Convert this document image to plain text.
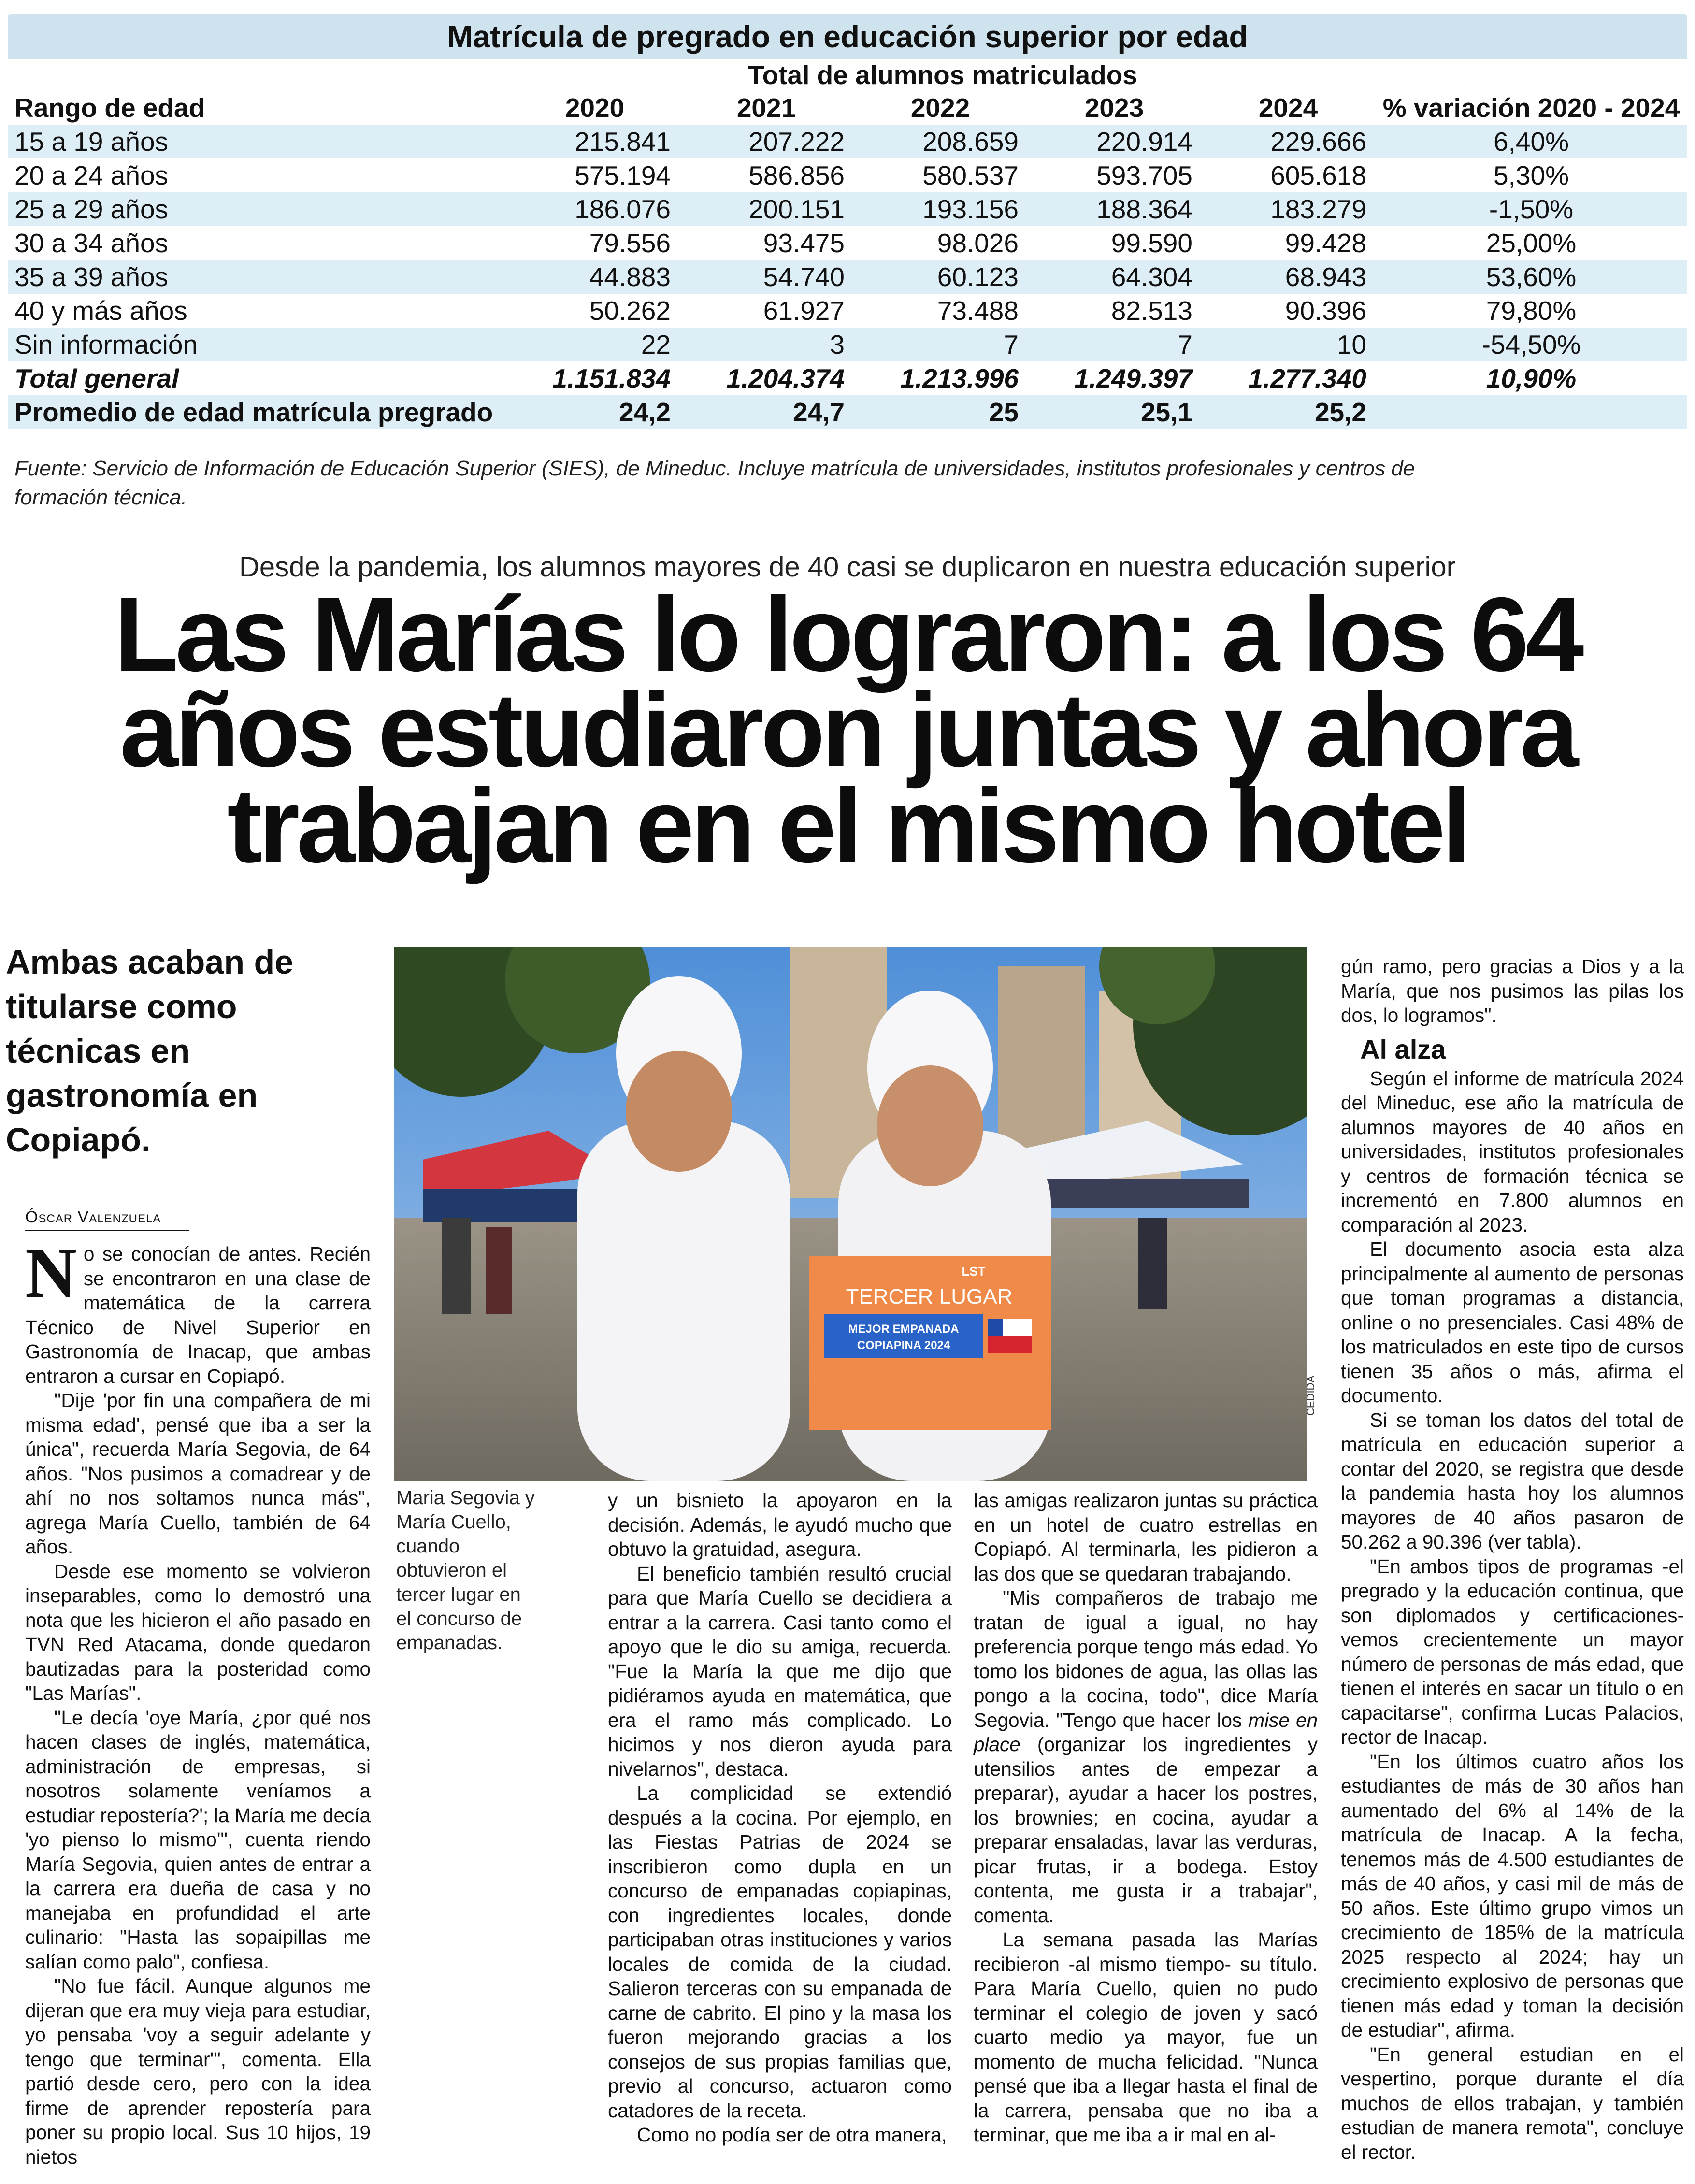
Matrícula de pregrado en educación superior por edad
	Total de alumnos matriculados					
Rango de edad	2020	2021	2022	2023	2024	% variación 2020 - 2024
15 a 19 años	215.841	207.222	208.659	220.914	229.666	6,40%
20 a 24 años	575.194	586.856	580.537	593.705	605.618	5,30%
25 a 29 años	186.076	200.151	193.156	188.364	183.279	-1,50%
30 a 34 años	79.556	93.475	98.026	99.590	99.428	25,00%
35 a 39 años	44.883	54.740	60.123	64.304	68.943	53,60%
40 y más años	50.262	61.927	73.488	82.513	90.396	79,80%
Sin información	22	3	7	7	10	-54,50%
Total general	1.151.834	1.204.374	1.213.996	1.249.397	1.277.340	10,90%
Promedio de edad matrícula pregrado	24,2	24,7	25	25,1	25,2	
Fuente: Servicio de Información de Educación Superior (SIES), de Mineduc. Incluye matrícula de universidades, institutos profesionales y centros de formación técnica.
Desde la pandemia, los alumnos mayores de 40 casi se duplicaron en nuestra educación superior
Las Marías lo lograron: a los 64 años estudiaron juntas y ahora trabajan en el mismo hotel
Ambas acaban de titularse como técnicas en gastronomía en Copiapó.
TERCER LUGAR
MEJOR EMPANADA
COPIAPINA 2024
LST
CEDIDA
Maria Segovia y María Cuello, cuando obtuvieron el tercer lugar en el concurso de empanadas.
Óscar Valenzuela

No se conocían de antes. Recién se encontraron en una clase de matemática de la carrera Técnico de Nivel Superior en Gastronomía de Inacap, que ambas entraron a cursar en Copiapó.

"Dije 'por fin una compañera de mi misma edad', pensé que iba a ser la única", recuerda María Segovia, de 64 años. "Nos pusimos a comadrear y de ahí no nos soltamos nunca más", agrega María Cuello, también de 64 años.

Desde ese momento se volvieron inseparables, como lo demostró una nota que les hicieron el año pasado en TVN Red Atacama, donde quedaron bautizadas para la posteridad como "Las Marías".

"Le decía 'oye María, ¿por qué nos hacen clases de inglés, matemática, administración de empresas, si nosotros solamente veníamos a estudiar repostería?'; la María me decía 'yo pienso lo mismo'", cuenta riendo María Segovia, quien antes de entrar a la carrera era dueña de casa y no manejaba en profundidad el arte culinario: "Hasta las sopaipillas me salían como palo", confiesa.

"No fue fácil. Aunque algunos me dijeran que era muy vieja para estudiar, yo pensaba 'voy a seguir adelante y tengo que terminar'", comenta. Ella partió desde cero, pero con la idea firme de aprender repostería para poner su propio local. Sus 10 hijos, 19 nietos

y un bisnieto la apoyaron en la decisión. Además, le ayudó mucho que obtuvo la gratuidad, asegura.

El beneficio también resultó crucial para que María Cuello se decidiera a entrar a la carrera. Casi tanto como el apoyo que le dio su amiga, recuerda. "Fue la María la que me dijo que pidiéramos ayuda en matemática, que era el ramo más complicado. Lo hicimos y nos dieron ayuda para nivelarnos", destaca.

La complicidad se extendió después a la cocina. Por ejemplo, en las Fiestas Patrias de 2024 se inscribieron como dupla en un concurso de empanadas copiapinas, con ingredientes locales, donde participaban otras instituciones y varios locales de comida de la ciudad. Salieron terceras con su empanada de carne de cabrito. El pino y la masa los fueron mejorando gracias a los consejos de sus propias familias que, previo al concurso, actuaron como catadores de la receta.

Como no podía ser de otra manera,

las amigas realizaron juntas su práctica en un hotel de cuatro estrellas en Copiapó. Al terminarla, les pidieron a las dos que se quedaran trabajando.

"Mis compañeros de trabajo me tratan de igual a igual, no hay preferencia porque tengo más edad. Yo tomo los bidones de agua, las ollas las pongo a la cocina, todo", dice María Segovia. "Tengo que hacer los mise en place (organizar los ingredientes y utensilios antes de empezar a preparar), ayudar a hacer los postres, los brownies; en cocina, ayudar a preparar ensaladas, lavar las verduras, picar frutas, ir a bodega. Estoy contenta, me gusta ir a trabajar", comenta.

La semana pasada las Marías recibieron -al mismo tiempo- su título. Para María Cuello, quien no pudo terminar el colegio de joven y sacó cuarto medio ya mayor, fue un momento de mucha felicidad. "Nunca pensé que iba a llegar hasta el final de la carrera, pensaba que no iba a terminar, que me iba a ir mal en al-

gún ramo, pero gracias a Dios y a la María, que nos pusimos las pilas los dos, lo logramos".

Al alza

Según el informe de matrícula 2024 del Mineduc, ese año la matrícula de alumnos mayores de 40 años en universidades, institutos profesionales y centros de formación técnica se incrementó en 7.800 alumnos en comparación al 2023.

El documento asocia esta alza principalmente al aumento de personas que toman programas a distancia, online o no presenciales. Casi 48% de los matriculados en este tipo de cursos tienen 35 años o más, afirma el documento.

Si se toman los datos del total de matrícula en educación superior a contar del 2020, se registra que desde la pandemia hasta hoy los alumnos mayores de 40 años pasaron de 50.262 a 90.396 (ver tabla).

"En ambos tipos de programas -el pregrado y la educación continua, que son diplomados y certificaciones- vemos crecientemente un mayor número de personas de más edad, que tienen el interés en sacar un título o en capacitarse", confirma Lucas Palacios, rector de Inacap.

"En los últimos cuatro años los estudiantes de más de 30 años han aumentado del 6% al 14% de la matrícula de Inacap. A la fecha, tenemos más de 4.500 estudiantes de más de 40 años, y casi mil de más de 50 años. Este último grupo vimos un crecimiento de 185% de la matrícula 2025 respecto al 2024; hay un crecimiento explosivo de personas que tienen más edad y toman la decisión de estudiar", afirma.

"En general estudian en el vespertino, porque durante el día muchos de ellos trabajan, y también estudian de manera remota", concluye el rector.
